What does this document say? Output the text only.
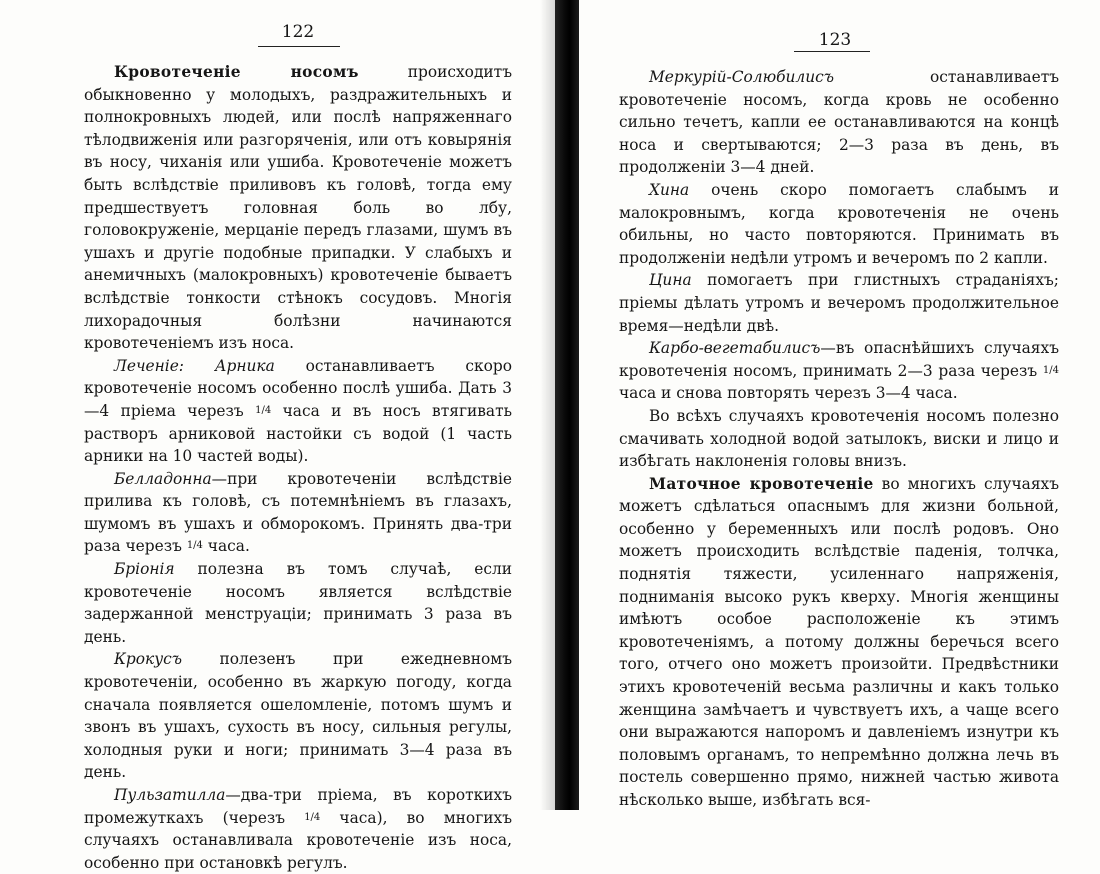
122

Кровотеченіе носомъ происходитъ обыкновенно у молодыхъ, раздражительныхъ и полнокровныхъ людей, или послѣ напряженнаго тѣлодвиженія или разгоряченія, или отъ ковырянія въ носу, чиханія или ушиба. Кровотеченіе можетъ быть вслѣдствіе приливовъ къ головѣ, тогда ему предшествуетъ головная боль во лбу, головокруженіе, мерцаніе передъ глазами, шумъ въ ушахъ и другіе подобные припадки. У слабыхъ и анемичныхъ (малокровныхъ) кровотеченіе бываетъ вслѣдствіе тонкости стѣнокъ сосудовъ. Многія лихорадочныя болѣзни начинаются кровотеченіемъ изъ носа.

Леченіе: Арника останавливаетъ скоро кровотеченіе носомъ особенно послѣ ушиба. Дать 3—4 пріема черезъ $^{1/4}$ часа и въ носъ втягивать растворъ арниковой настойки съ водой (1 часть арники на 10 частей воды).

Белладонна—при кровотеченіи вслѣдствіе прилива къ головѣ, съ потемнѣніемъ въ глазахъ, шумомъ въ ушахъ и обморокомъ. Принять два-три раза черезъ $^{1/4}$ часа.

Бріонія полезна въ томъ случаѣ, если кровотеченіе носомъ является вслѣдствіе задержанной менструаціи; принимать 3 раза въ день.

Крокусъ полезенъ при ежедневномъ кровотеченіи, особенно въ жаркую погоду, когда сначала появляется ошеломленіе, потомъ шумъ и звонъ въ ушахъ, сухость въ носу, сильныя регулы, холодныя руки и ноги; принимать 3—4 раза въ день.

Пульзатилла—два-три пріема, въ короткихъ промежуткахъ (черезъ $^{1/4}$ часа), во многихъ случаяхъ останавливала кровотеченіе изъ носа, особенно при остановкѣ регулъ.

123

Меркурій-Солюбилисъ останавливаетъ кровотеченіе носомъ, когда кровь не особенно сильно течетъ, капли ее останавливаются на концѣ носа и свертываются; 2—3 раза въ день, въ продолженіи 3—4 дней.

Хина очень скоро помогаетъ слабымъ и малокровнымъ, когда кровотеченія не очень обильны, но часто повторяются. Принимать въ продолженіи недѣли утромъ и вечеромъ по 2 капли.

Цина помогаетъ при глистныхъ страданіяхъ; пріемы дѣлать утромъ и вечеромъ продолжительное время—недѣли двѣ.

Карбо-вегетабилисъ—въ опаснѣйшихъ случаяхъ кровотеченія носомъ, принимать 2—3 раза черезъ $^{1/4}$ часа и снова повторять черезъ 3—4 часа.

Во всѣхъ случаяхъ кровотеченія носомъ полезно смачивать холодной водой затылокъ, виски и лицо и избѣгать наклоненія головы внизъ.

Маточное кровотеченіе во многихъ случаяхъ можетъ сдѣлаться опаснымъ для жизни больной, особенно у беременныхъ или послѣ родовъ. Оно можетъ происходить вслѣдствіе паденія, толчка, поднятія тяжести, усиленнаго напряженія, подниманія высоко рукъ кверху. Многія женщины имѣютъ особое расположеніе къ этимъ кровотеченіямъ, а потому должны беречься всего того, отчего оно можетъ произойти. Предвѣстники этихъ кровотеченій весьма различны и какъ только женщина замѣчаетъ и чувствуетъ ихъ, а чаще всего они выражаются напоромъ и давленіемъ изнутри къ половымъ органамъ, то непремѣнно должна лечь въ постель совершенно прямо, нижней частью живота нѣсколько выше, избѣгать вся-
